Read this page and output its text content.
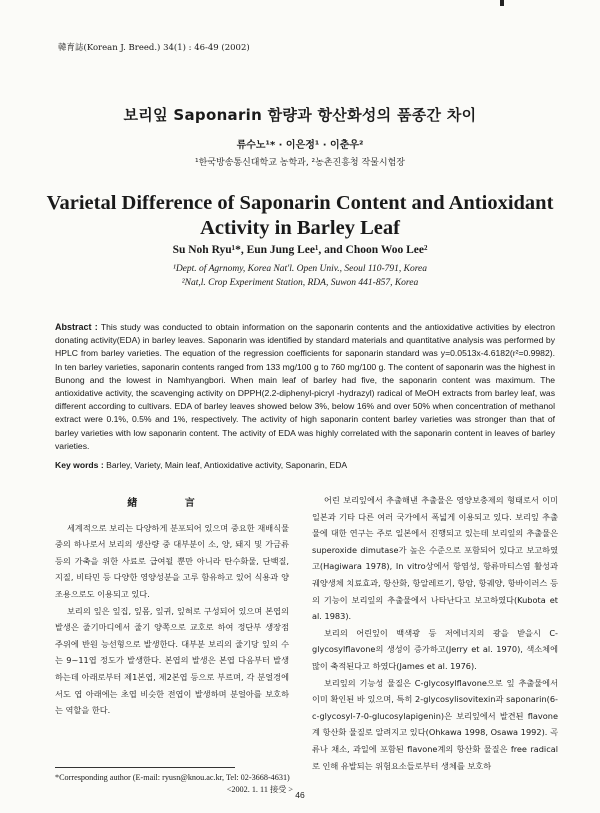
韓育誌(Korean J. Breed.) 34(1) : 46-49 (2002)
보리잎 Saponarin 함량과 항산화성의 품종간 차이
류수노¹* · 이은정¹ · 이춘우²
¹한국방송통신대학교 농학과, ²농촌진흥청 작물시험장
Varietal Difference of Saponarin Content and Antioxidant
Activity in Barley Leaf
Su Noh Ryu¹*, Eun Jung Lee¹, and Choon Woo Lee²
¹Dept. of Agrnomy, Korea Nat'l. Open Univ., Seoul 110-791, Korea
²Nat,l. Crop Experiment Station, RDA, Suwon 441-857, Korea
Abstract : This study was conducted to obtain information on the saponarin contents and the antioxidative activities by electron donating activity(EDA) in barley leaves. Saponarin was identified by standard materials and quantitative analysis was performed by HPLC from barley varieties. The equation of the regression coefficients for saponarin standard was y=0.0513x-4.6182(r²=0.9982). In ten barley varieties, saponarin contents ranged from 133 mg/100 g to 760 mg/100 g. The content of saponarin was the highest in Bunong and the lowest in Namhyangbori. When main leaf of barley had five, the saponarin content was maximum. The antioxidative activity, the scavenging activity on DPPH(2.2-diphenyl-picryl -hydrazyl) radical of MeOH extracts from barley leaf, was different according to cultivars. EDA of barley leaves showed below 3%, below 16% and over 50% when concentration of methanol extract were 0.1%, 0.5% and 1%, respectively. The activity of high saponarin content barley varieties was stronger than that of barley varieties with low saponarin content. The activity of EDA was highly correlated with the saponarin content in leaves of barley varieties.
Key words : Barley, Variety, Main leaf, Antioxidative activity, Saponarin, EDA
緖 言

세계적으로 보리는 다양하게 분포되어 있으며 중요한 재배식물 중의 하나로서 보리의 생산량 중 대부분이 소, 양, 돼지 및 가금류 등의 가축을 위한 사료로 급여될 뿐만 아니라 탄수화물, 단백질, 지질, 비타민 등 다양한 영양성분을 고루 함유하고 있어 식용과 양조용으로도 이용되고 있다.

보리의 잎은 잎집, 잎몸, 잎귀, 잎혀로 구성되어 있으며 본엽의 발생은 줄기마디에서 줄기 양쪽으로 교호로 하여 정단부 생장점 주위에 반원 능선형으로 발생한다. 대부분 보리의 줄기당 잎의 수는 9~11엽 정도가 발생한다. 본엽의 발생은 본엽 다음부터 발생하는데 아래로부터 제1본엽, 제2본엽 등으로 부르며, 각 분얼경에서도 엽 아래에는 초엽 비슷한 전엽이 발생하며 분얼아를 보호하는 역할을 한다.

어린 보리잎에서 추출해낸 추출물은 영양보충제의 형태로서 이미 일본과 기타 다른 여러 국가에서 폭넓게 이용되고 있다. 보리잎 추출물에 대한 연구는 주로 일본에서 진행되고 있는데 보리잎의 추출물은 superoxide dimutase가 높은 수준으로 포함되어 있다고 보고하였고(Hagiwara 1978), In vitro상에서 항염성, 항류마티스염 활성과 궤양생체 치료효과, 항산화, 항알레르기, 항암, 항궤양, 항바이러스 등의 기능이 보리잎의 추출물에서 나타난다고 보고하였다(Kubota et al. 1983).

보리의 어린잎이 백색광 등 저에너지의 광을 받을시 C-glycosylflavone의 생성이 증가하고(Jerry et al. 1970), 색소체에 많이 축적된다고 하였다(James et al. 1976).

보리잎의 기능성 물질은 C-glycosylflavone으로 잎 추출물에서 이미 확인된 바 있으며, 특히 2-glycosylisovitexin과 saponarin(6-c-glycosyl-7-0-glucosylapigenin)은 보리잎에서 발견된 flavone계 항산화 물질로 알려지고 있다(Ohkawa 1998, Osawa 1992). 곡류나 채소, 과일에 포함된 flavone계의 항산화 물질은 free radical로 인해 유발되는 위험요소들로부터 생체를 보호하

*Corresponding author (E-mail: ryusn@knou.ac.kr, Tel: 02-3668-4631)
<2002. 1. 11 接受 >
46
